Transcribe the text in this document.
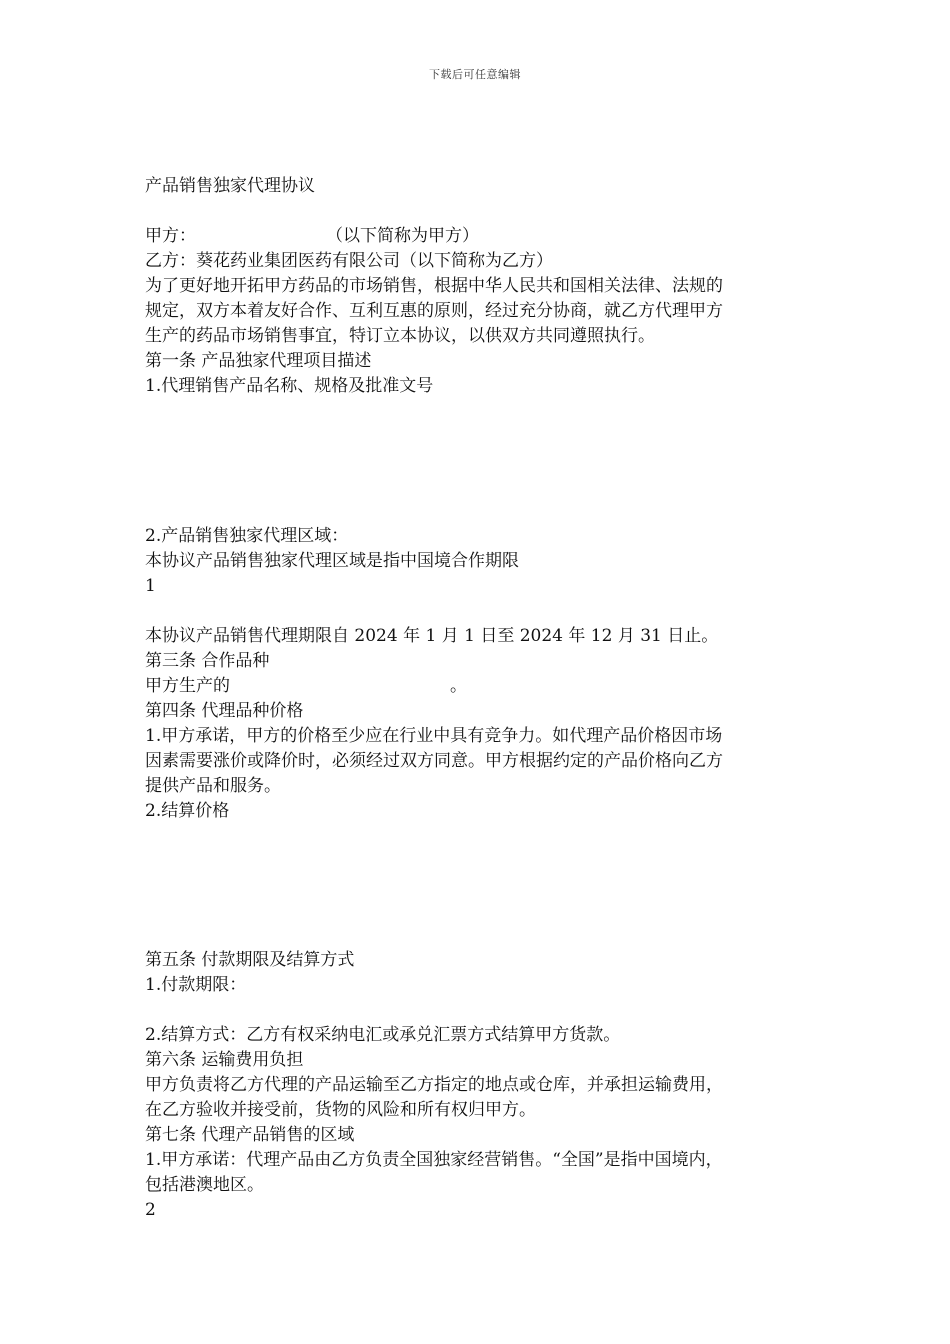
下载后可任意编辑
产品销售独家代理协议
甲方：	（以下简称为甲方）
乙方：葵花药业集团医药有限公司（以下简称为乙方）
为了更好地开拓甲方药品的市场销售，根据中华人民共和国相关法律、法规的
规定，双方本着友好合作、互利互惠的原则，经过充分协商，就乙方代理甲方
生产的药品市场销售事宜，特订立本协议，以供双方共同遵照执行。
第一条 产品独家代理项目描述
1.代理销售产品名称、规格及批准文号
2.产品销售独家代理区域：
本协议产品销售独家代理区域是指中国境合作期限
1
本协议产品销售代理期限自 2024 年 1 月 1 日至 2024 年 12 月 31 日止。
第三条 合作品种
甲方生产的	。
第四条 代理品种价格
1.甲方承诺，甲方的价格至少应在行业中具有竞争力。如代理产品价格因市场
因素需要涨价或降价时，必须经过双方同意。甲方根据约定的产品价格向乙方
提供产品和服务。
2.结算价格
第五条 付款期限及结算方式
1.付款期限：
2.结算方式：乙方有权采纳电汇或承兑汇票方式结算甲方货款。
第六条 运输费用负担
甲方负责将乙方代理的产品运输至乙方指定的地点或仓库，并承担运输费用，
在乙方验收并接受前，货物的风险和所有权归甲方。
第七条 代理产品销售的区域
1.甲方承诺：代理产品由乙方负责全国独家经营销售。“全国”是指中国境内，
包括港澳地区。
2
